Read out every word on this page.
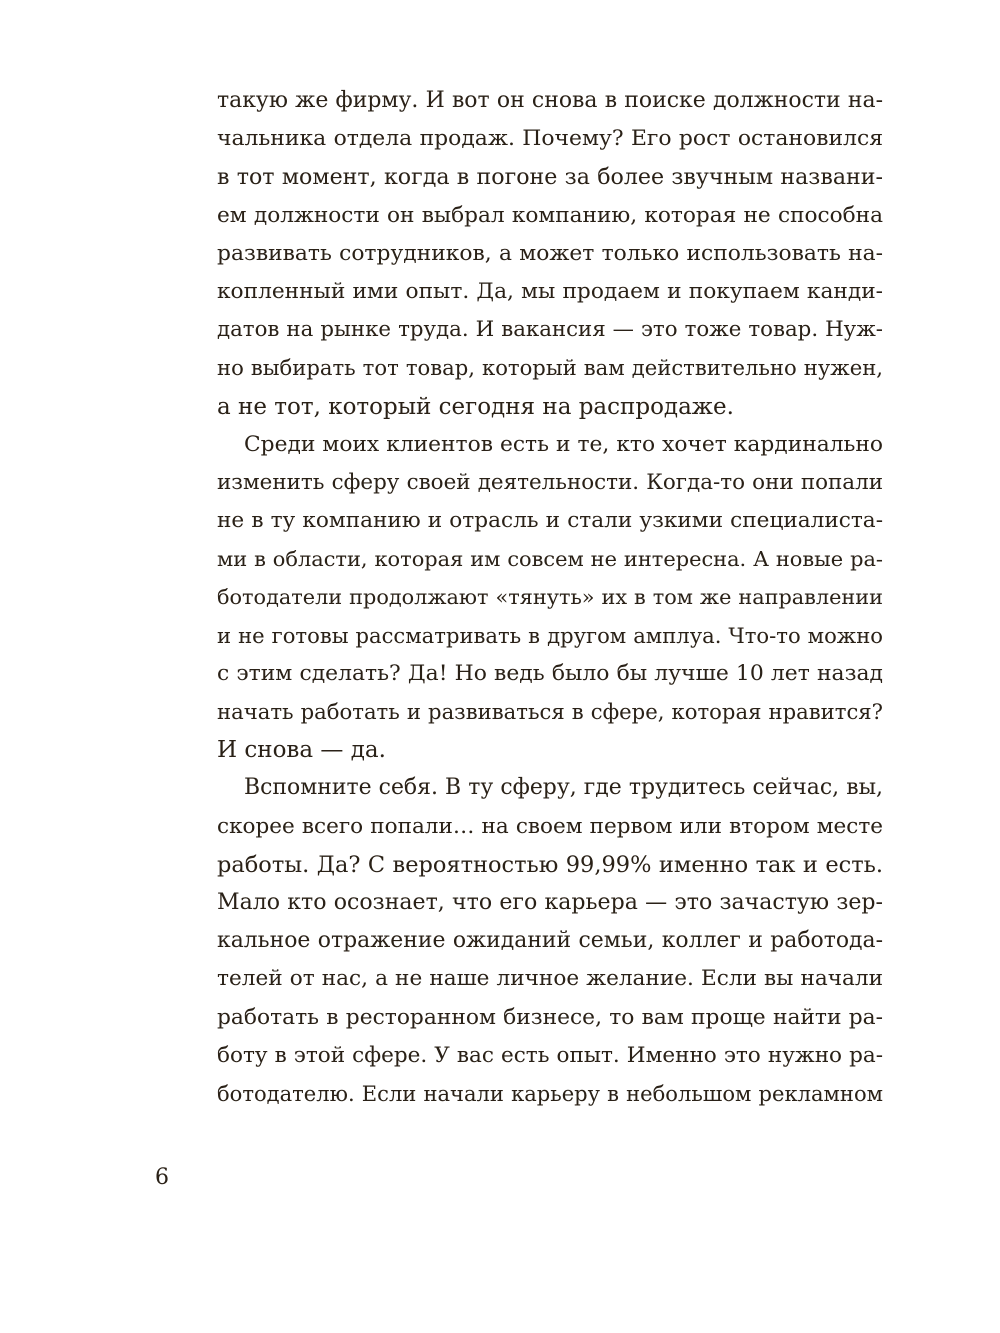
такую же фирму. И вот он снова в поиске должности на-
чальника отдела продаж. Почему? Его рост остановился
в тот момент, когда в погоне за более звучным названи-
ем должности он выбрал компанию, которая не способна
развивать сотрудников, а может только использовать на-
копленный ими опыт. Да, мы продаем и покупаем канди-
датов на рынке труда. И вакансия — это тоже товар. Нуж-
но выбирать тот товар, который вам действительно нужен,
а не тот, который сегодня на распродаже.
Среди моих клиентов есть и те, кто хочет кардинально
изменить сферу своей деятельности. Когда-то они попали
не в ту компанию и отрасль и стали узкими специалиста-
ми в области, которая им совсем не интересна. А новые ра-
ботодатели продолжают «тянуть» их в том же направлении
и не готовы рассматривать в другом амплуа. Что-то можно
с этим сделать? Да! Но ведь было бы лучше 10 лет назад
начать работать и развиваться в сфере, которая нравится?
И снова — да.
Вспомните себя. В ту сферу, где трудитесь сейчас, вы,
скорее всего попали… на своем первом или втором месте
работы. Да? С вероятностью 99,99% именно так и есть.
Мало кто осознает, что его карьера — это зачастую зер-
кальное отражение ожиданий семьи, коллег и работода-
телей от нас, а не наше личное желание. Если вы начали
работать в ресторанном бизнесе, то вам проще найти ра-
боту в этой сфере. У вас есть опыт. Именно это нужно ра-
ботодателю. Если начали карьеру в небольшом рекламном
6
